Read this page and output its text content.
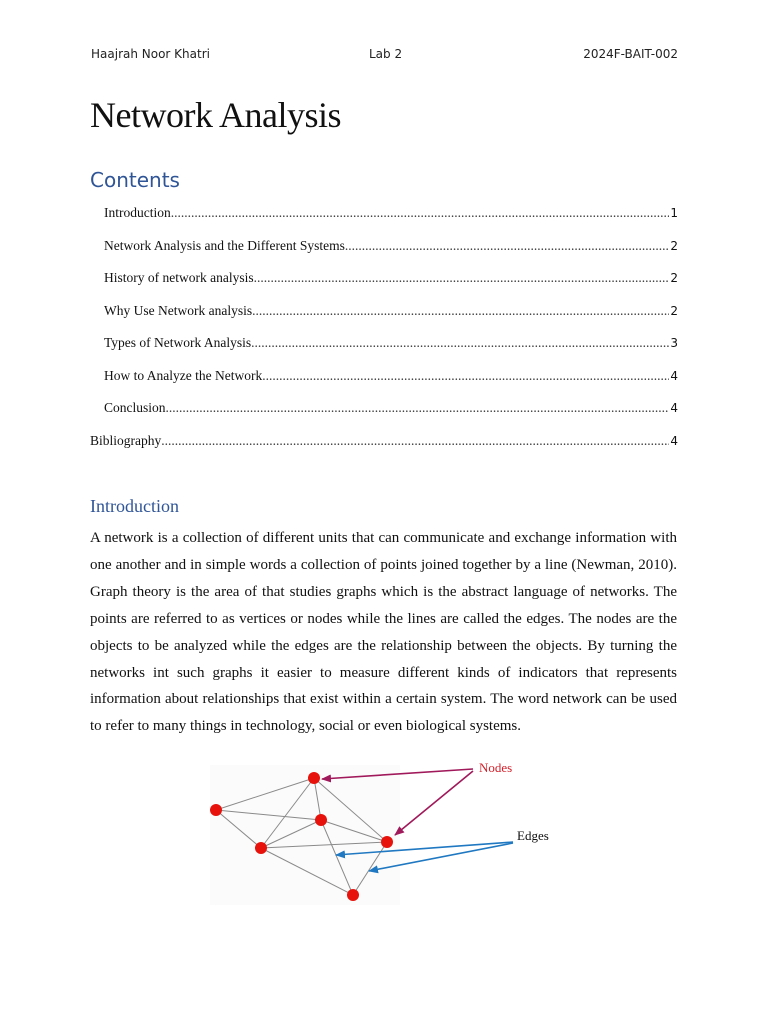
Haajrah Noor Khatri	Lab 2	2024F-BAIT-002
Network Analysis
Contents
Introduction .....	1
Network Analysis and the Different Systems .....	2
History of network analysis .....	2
Why Use Network analysis .....	2
Types of Network Analysis .....	3
How to Analyze the Network .....	4
Conclusion .....	4
Bibliography .....	4
Introduction

A network is a collection of different units that can communicate and exchange information with one another and in simple words a collection of points joined together by a line (Newman, 2010). Graph theory is the area of that studies graphs which is the abstract language of networks. The points are referred to as vertices or nodes while the lines are called the edges. The nodes are the objects to be analyzed while the edges are the relationship between the objects. By turning the networks int such graphs it easier to measure different kinds of indicators that represents information about relationships that exist within a certain system. The word network can be used to refer to many things in technology, social or even biological systems.

Nodes
Edges
